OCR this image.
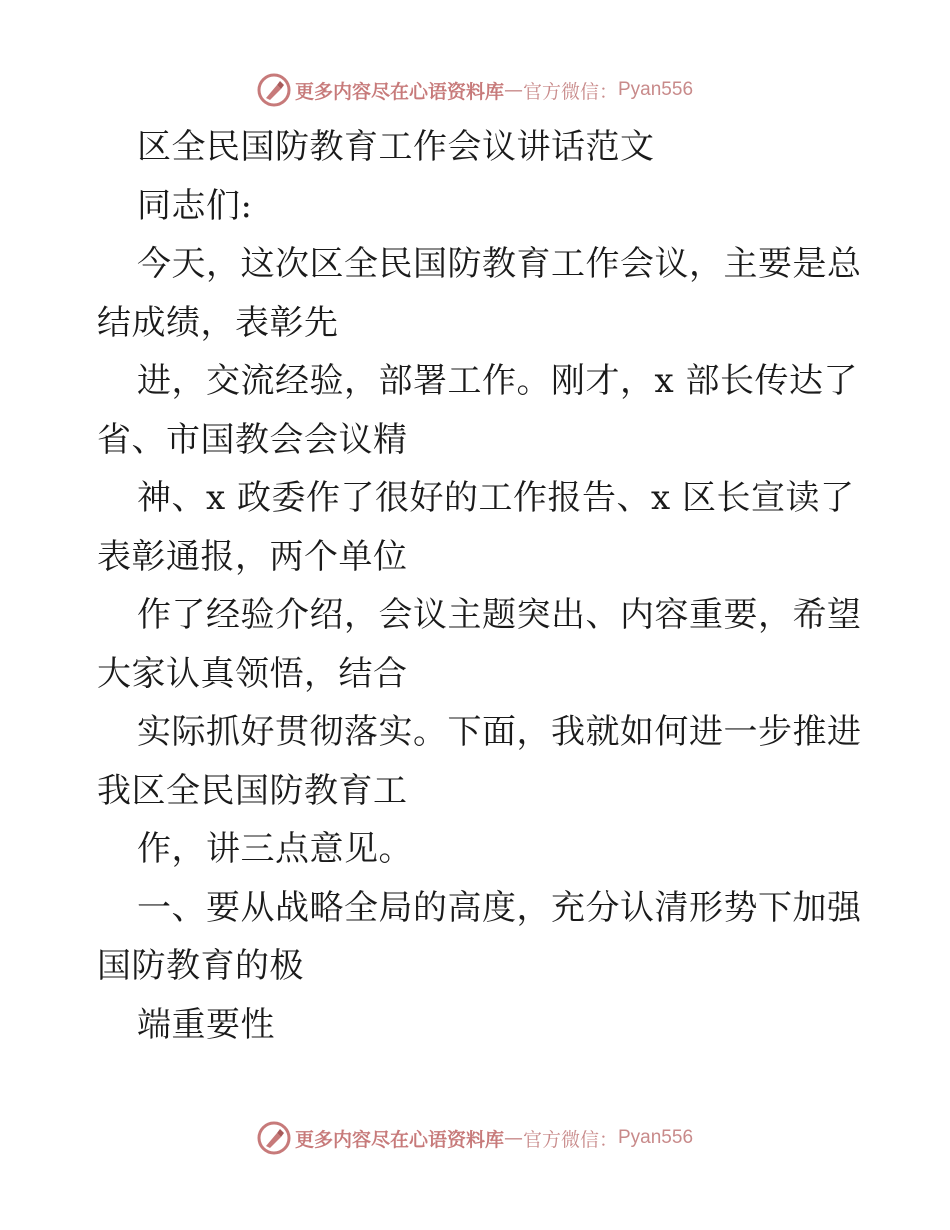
更多内容尽在心语资料库 — 官方微信： Pyan556
区全民国防教育工作会议讲话范文
同志们:
今天，这次区全民国防教育工作会议，主要是总
结成绩，表彰先
进，交流经验，部署工作。刚才，x 部长传达了
省、市国教会会议精
神、x 政委作了很好的工作报告、x 区长宣读了
表彰通报，两个单位
作了经验介绍，会议主题突出、内容重要，希望
大家认真领悟，结合
实际抓好贯彻落实。下面，我就如何进一步推进
我区全民国防教育工
作，讲三点意见。
一、要从战略全局的高度，充分认清形势下加强
国防教育的极
端重要性
更多内容尽在心语资料库 — 官方微信： Pyan556
